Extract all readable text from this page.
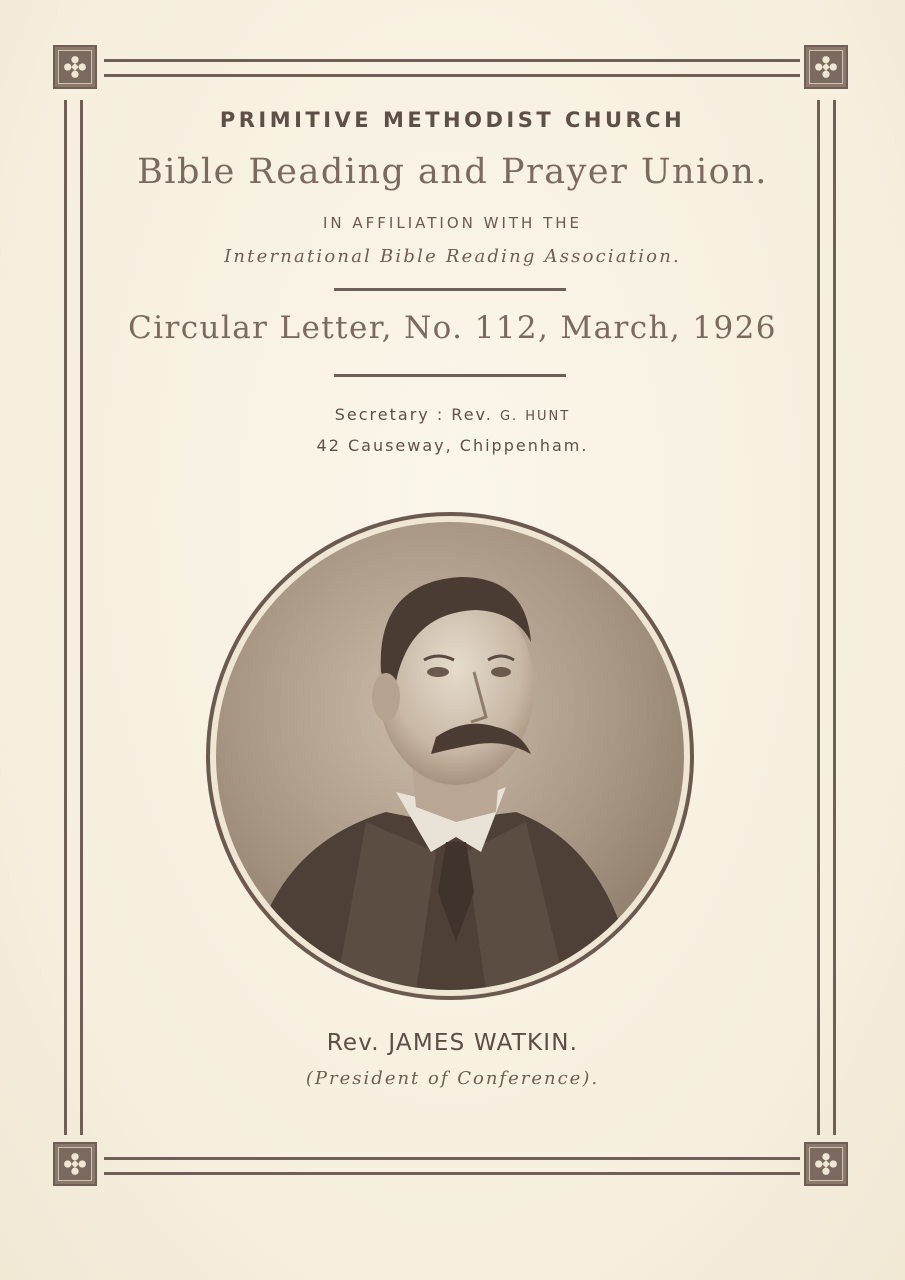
PRIMITIVE METHODIST CHURCH
Bible Reading and Prayer Union.
IN AFFILIATION WITH THE
International Bible Reading Association.
Circular Letter, No. 112, March, 1926
Secretary : Rev. G. HUNT
42 Causeway, Chippenham.
Rev. JAMES WATKIN.
(President of Conference).
